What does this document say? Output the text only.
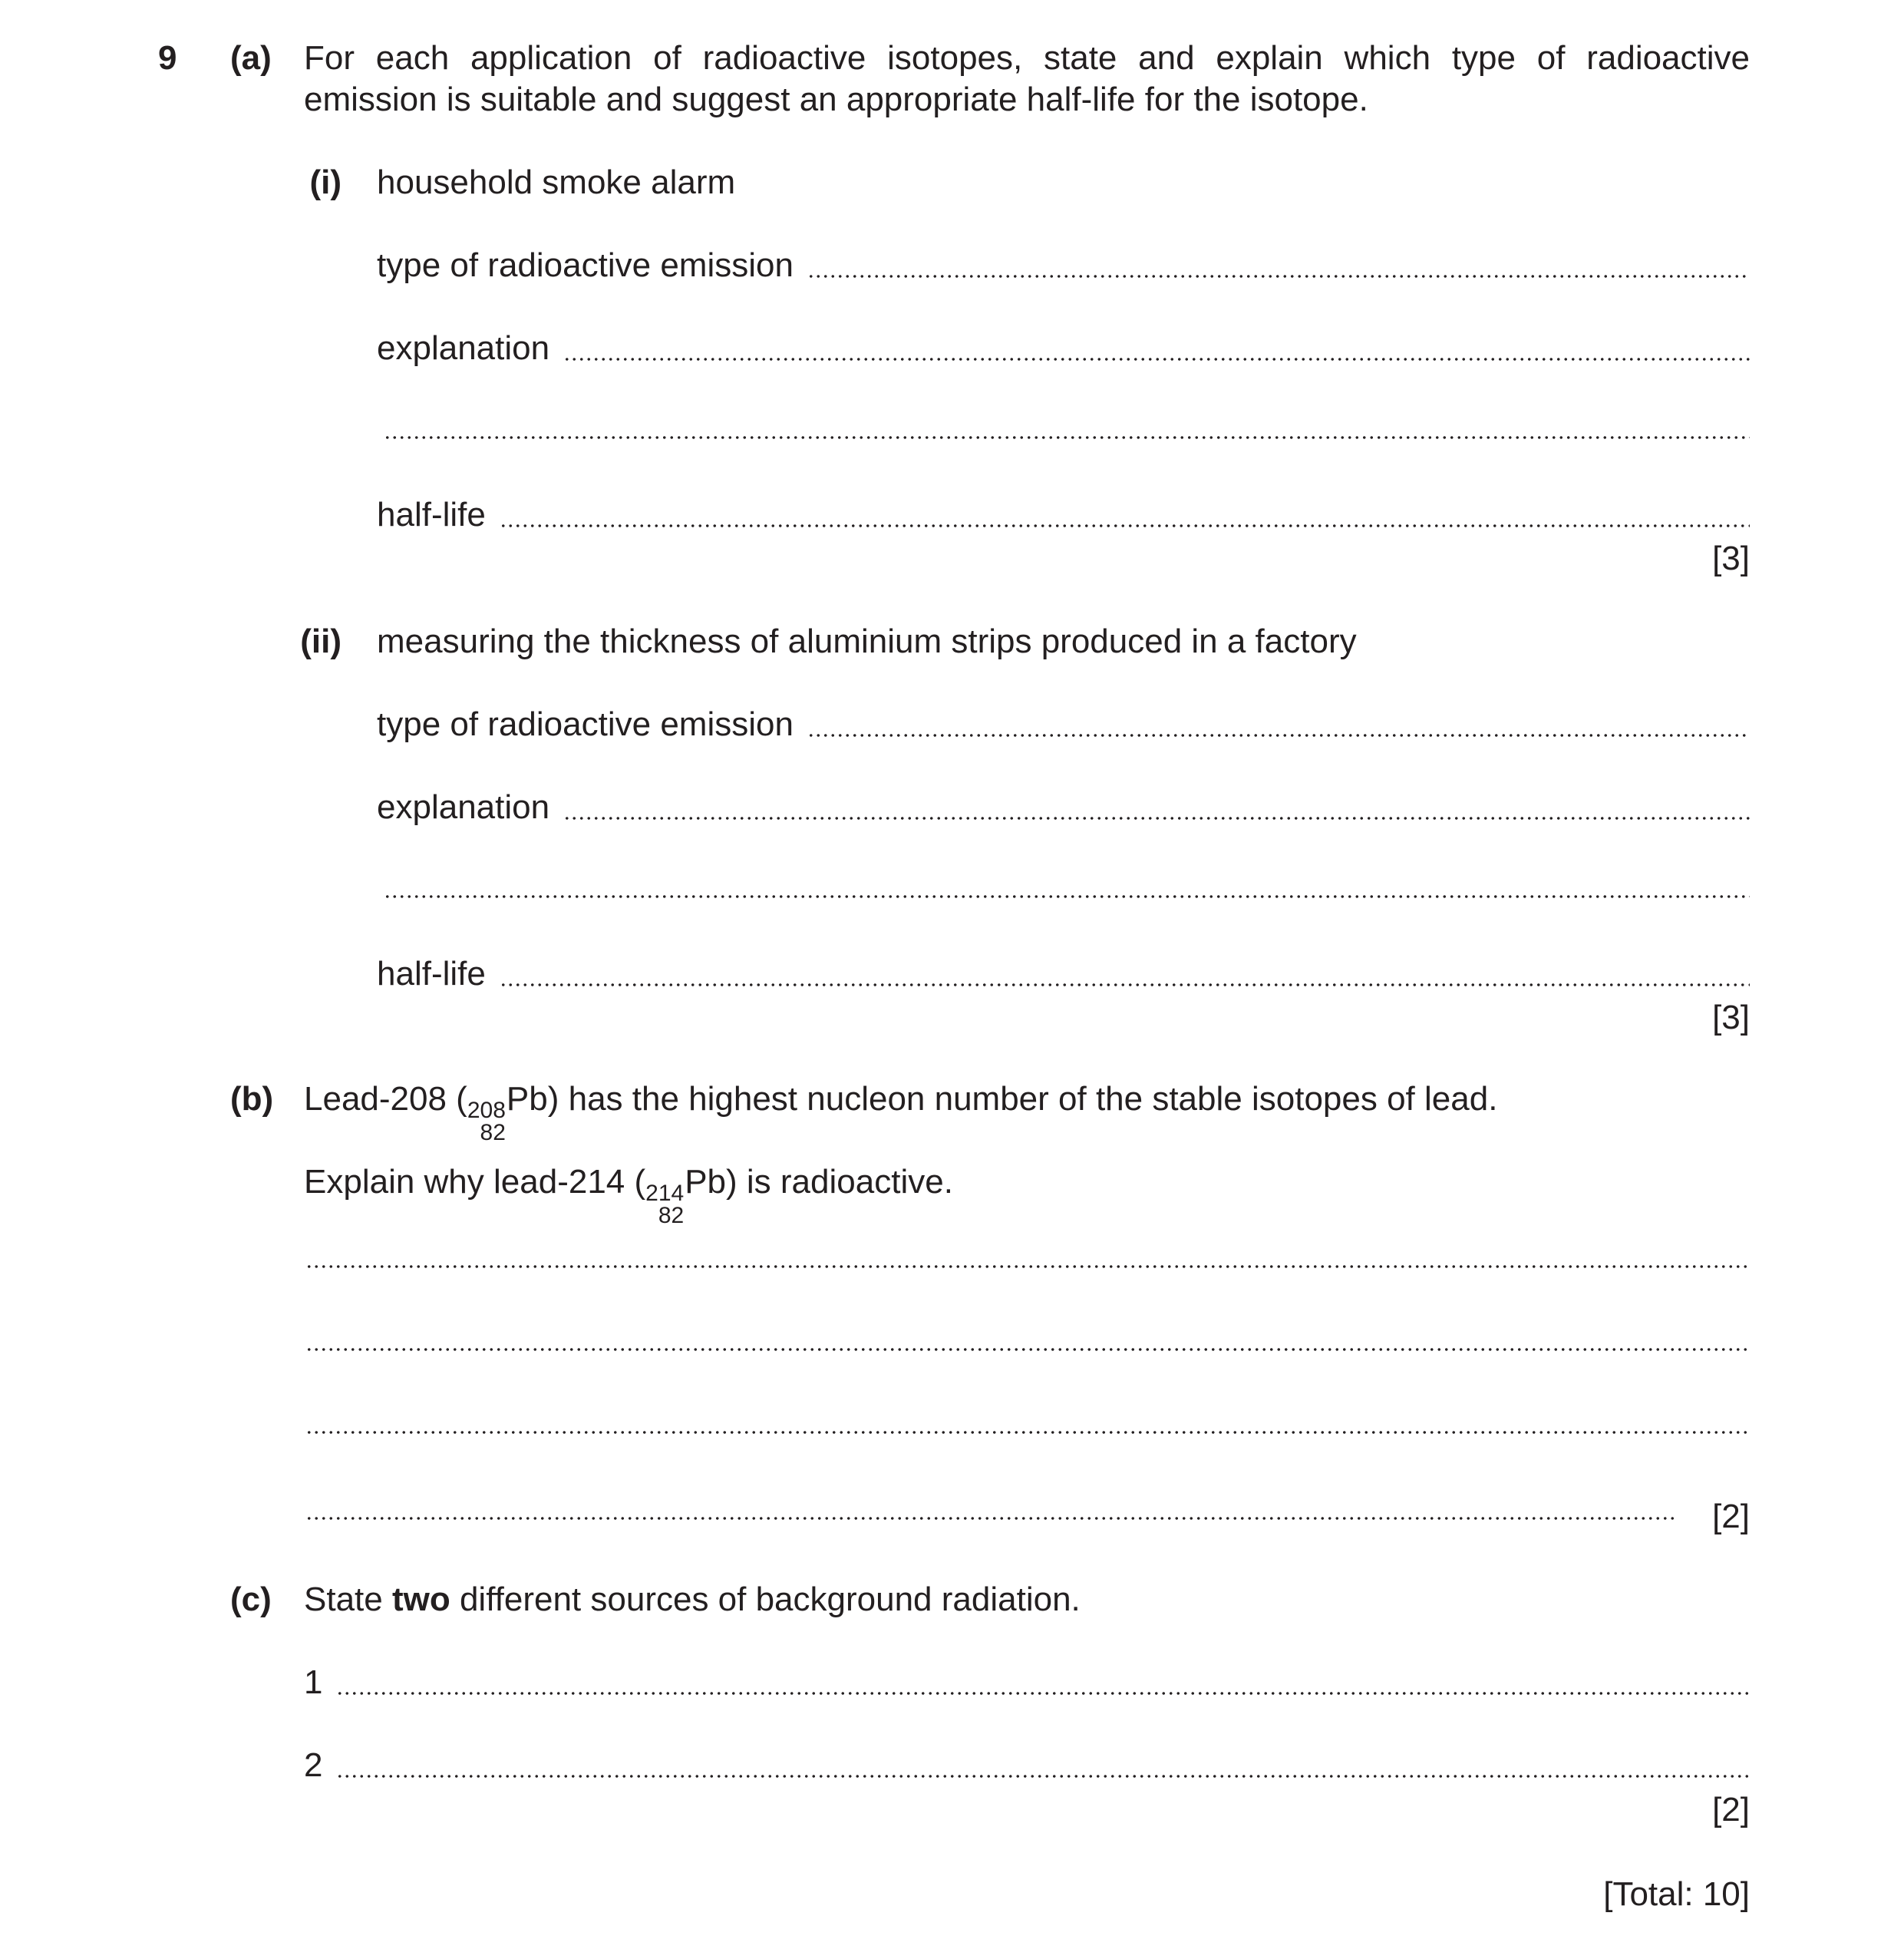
9 (a) For each application of radioactive isotopes, state and explain which type of radioactive
emission is suitable and suggest an appropriate half-life for the isotope.
(i) household smoke alarm
type of radioactive emission
explanation
half-life
[3]
(ii) measuring the thickness of aluminium strips produced in a factory
type of radioactive emission
explanation
half-life
[3]
(b) Lead-208 ( 208
82
Pb) has the highest nucleon number of the stable isotopes of lead.
Explain why lead-214 ( 214
82
Pb) is radioactive.
[2]
(c) State two different sources of background radiation.
1
2
[2]
[Total: 10]
